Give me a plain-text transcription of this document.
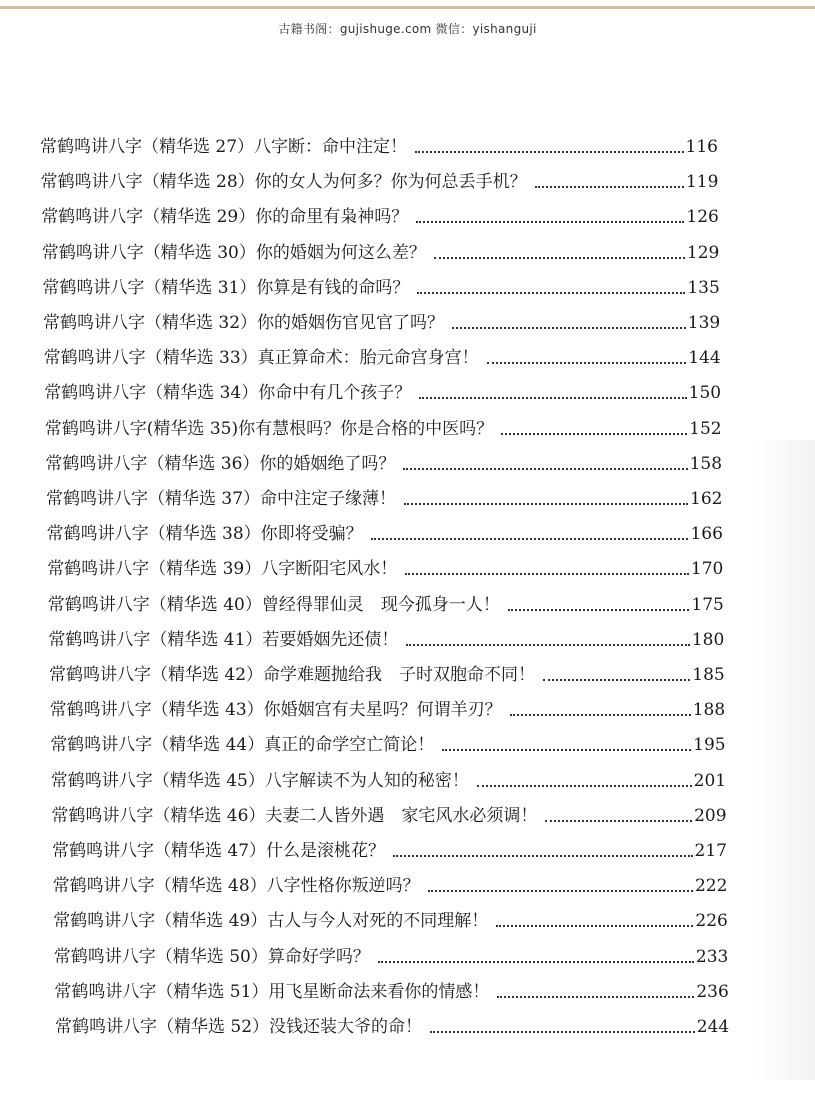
古籍书阁：gujishuge.com 微信：yishanguji
常鹤鸣讲八字（精华选 27）八字断：命中注定！	116
常鹤鸣讲八字（精华选 28）你的女人为何多？你为何总丢手机？	119
常鹤鸣讲八字（精华选 29）你的命里有枭神吗？	126
常鹤鸣讲八字（精华选 30）你的婚姻为何这么差？	129
常鹤鸣讲八字（精华选 31）你算是有钱的命吗？	135
常鹤鸣讲八字（精华选 32）你的婚姻伤官见官了吗？	139
常鹤鸣讲八字（精华选 33）真正算命术：胎元命宫身宫！	144
常鹤鸣讲八字（精华选 34）你命中有几个孩子？	150
常鹤鸣讲八字(精华选 35)你有慧根吗？你是合格的中医吗？	152
常鹤鸣讲八字（精华选 36）你的婚姻绝了吗？	158
常鹤鸣讲八字（精华选 37）命中注定子缘薄！	162
常鹤鸣讲八字（精华选 38）你即将受骗？	166
常鹤鸣讲八字（精华选 39）八字断阳宅风水！	170
常鹤鸣讲八字（精华选 40）曾经得罪仙灵　现今孤身一人！	175
常鹤鸣讲八字（精华选 41）若要婚姻先还债！	180
常鹤鸣讲八字（精华选 42）命学难题抛给我　子时双胞命不同！	185
常鹤鸣讲八字（精华选 43）你婚姻宫有夫星吗？何谓羊刃？	188
常鹤鸣讲八字（精华选 44）真正的命学空亡简论！	195
常鹤鸣讲八字（精华选 45）八字解读不为人知的秘密！	201
常鹤鸣讲八字（精华选 46）夫妻二人皆外遇　家宅风水必须调！	209
常鹤鸣讲八字（精华选 47）什么是滚桃花？	217
常鹤鸣讲八字（精华选 48）八字性格你叛逆吗？	222
常鹤鸣讲八字（精华选 49）古人与今人对死的不同理解！	226
常鹤鸣讲八字（精华选 50）算命好学吗？	233
常鹤鸣讲八字（精华选 51）用飞星断命法来看你的情感！	236
常鹤鸣讲八字（精华选 52）没钱还装大爷的命！	244
